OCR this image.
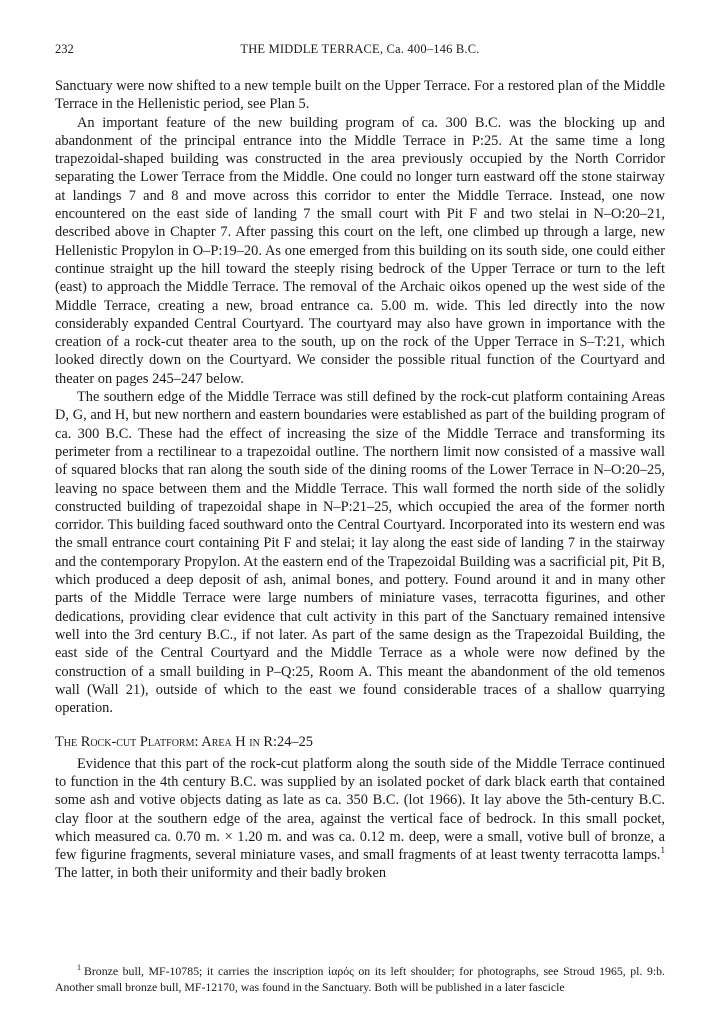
232	THE MIDDLE TERRACE, Ca. 400–146 B.C.

Sanctuary were now shifted to a new temple built on the Upper Terrace. For a restored plan of the Middle Terrace in the Hellenistic period, see Plan 5.

An important feature of the new building program of ca. 300 B.C. was the blocking up and abandonment of the principal entrance into the Middle Terrace in P:25. At the same time a long trapezoidal-shaped building was constructed in the area previously occupied by the North Corridor separating the Lower Terrace from the Middle. One could no longer turn eastward off the stone stairway at landings 7 and 8 and move across this corridor to enter the Middle Terrace. Instead, one now encountered on the east side of landing 7 the small court with Pit F and two stelai in N–O:20–21, described above in Chapter 7. After passing this court on the left, one climbed up through a large, new Hellenistic Propylon in O–P:19–20. As one emerged from this building on its south side, one could either continue straight up the hill toward the steeply rising bedrock of the Upper Terrace or turn to the left (east) to approach the Middle Terrace. The removal of the Archaic oikos opened up the west side of the Middle Terrace, creating a new, broad entrance ca. 5.00 m. wide. This led directly into the now considerably expanded Central Courtyard. The courtyard may also have grown in importance with the creation of a rock-cut theater area to the south, up on the rock of the Upper Terrace in S–T:21, which looked directly down on the Courtyard. We consider the possible ritual function of the Courtyard and theater on pages 245–247 below.

The southern edge of the Middle Terrace was still defined by the rock-cut platform containing Areas D, G, and H, but new northern and eastern boundaries were established as part of the building program of ca. 300 B.C. These had the effect of increasing the size of the Middle Terrace and transforming its perimeter from a rectilinear to a trapezoidal outline. The northern limit now consisted of a massive wall of squared blocks that ran along the south side of the dining rooms of the Lower Terrace in N–O:20–25, leaving no space between them and the Middle Terrace. This wall formed the north side of the solidly constructed building of trapezoidal shape in N–P:21–25, which occupied the area of the former north corridor. This building faced southward onto the Central Courtyard. Incorporated into its western end was the small entrance court containing Pit F and stelai; it lay along the east side of landing 7 in the stairway and the contemporary Propylon. At the eastern end of the Trapezoidal Building was a sacrificial pit, Pit B, which produced a deep deposit of ash, animal bones, and pottery. Found around it and in many other parts of the Middle Terrace were large numbers of miniature vases, terracotta figurines, and other dedications, providing clear evidence that cult activity in this part of the Sanctuary remained intensive well into the 3rd century B.C., if not later. As part of the same design as the Trapezoidal Building, the east side of the Central Courtyard and the Middle Terrace as a whole were now defined by the construction of a small building in P–Q:25, Room A. This meant the abandonment of the old temenos wall (Wall 21), outside of which to the east we found considerable traces of a shallow quarrying operation.

The Rock-cut Platform: Area H in R:24–25

Evidence that this part of the rock-cut platform along the south side of the Middle Terrace continued to function in the 4th century B.C. was supplied by an isolated pocket of dark black earth that contained some ash and votive objects dating as late as ca. 350 B.C. (lot 1966). It lay above the 5th-century B.C. clay floor at the southern edge of the area, against the vertical face of bedrock. In this small pocket, which measured ca. 0.70 m. × 1.20 m. and was ca. 0.12 m. deep, were a small, votive bull of bronze, a few figurine fragments, several miniature vases, and small fragments of at least twenty terracotta lamps.$^1$ The latter, in both their uniformity and their badly broken

$^1$ Bronze bull, MF-10785; it carries the inscription ἱαρός on its left shoulder; for photographs, see Stroud 1965, pl. 9:b. Another small bronze bull, MF-12170, was found in the Sanctuary. Both will be published in a later fascicle
